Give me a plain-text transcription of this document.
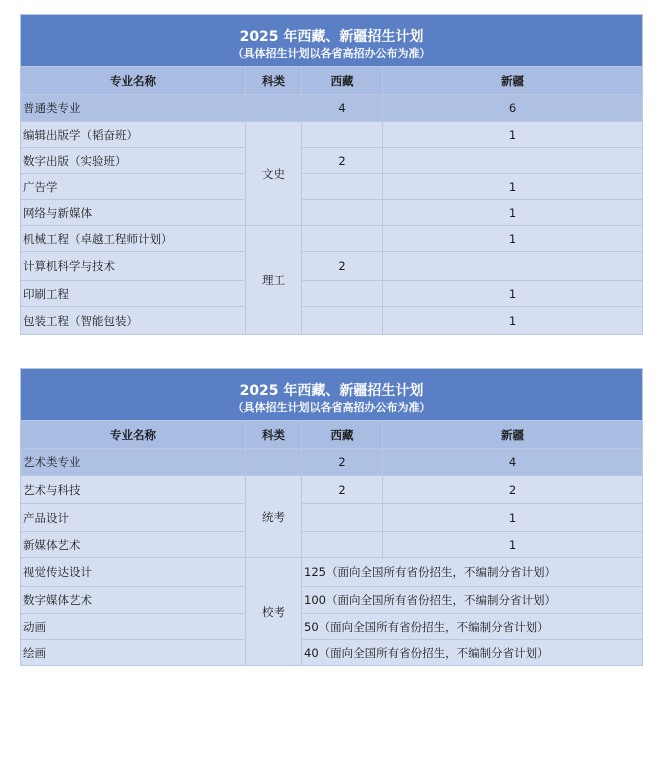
2025 年西藏、新疆招生计划
（具体招生计划以各省高招办公布为准）			

专业名称	科类	西藏	新疆
普通类专业		4	6
编辑出版学（韬奋班）	文史		1
数字出版（实验班）		2	
广告学			1
网络与新媒体			1
机械工程（卓越工程师计划）	理工		1
计算机科学与技术		2	
印刷工程			1
包装工程（智能包装）			1
2025 年西藏、新疆招生计划
（具体招生计划以各省高招办公布为准）			

专业名称	科类	西藏	新疆
艺术类专业		2	4
艺术与科技	统考	2	2
产品设计			1
新媒体艺术			1
视觉传达设计	校考	125（面向全国所有省份招生，不编制分省计划）	
数字媒体艺术		100（面向全国所有省份招生，不编制分省计划）	
动画		50（面向全国所有省份招生，不编制分省计划）	
绘画		40（面向全国所有省份招生，不编制分省计划）	
